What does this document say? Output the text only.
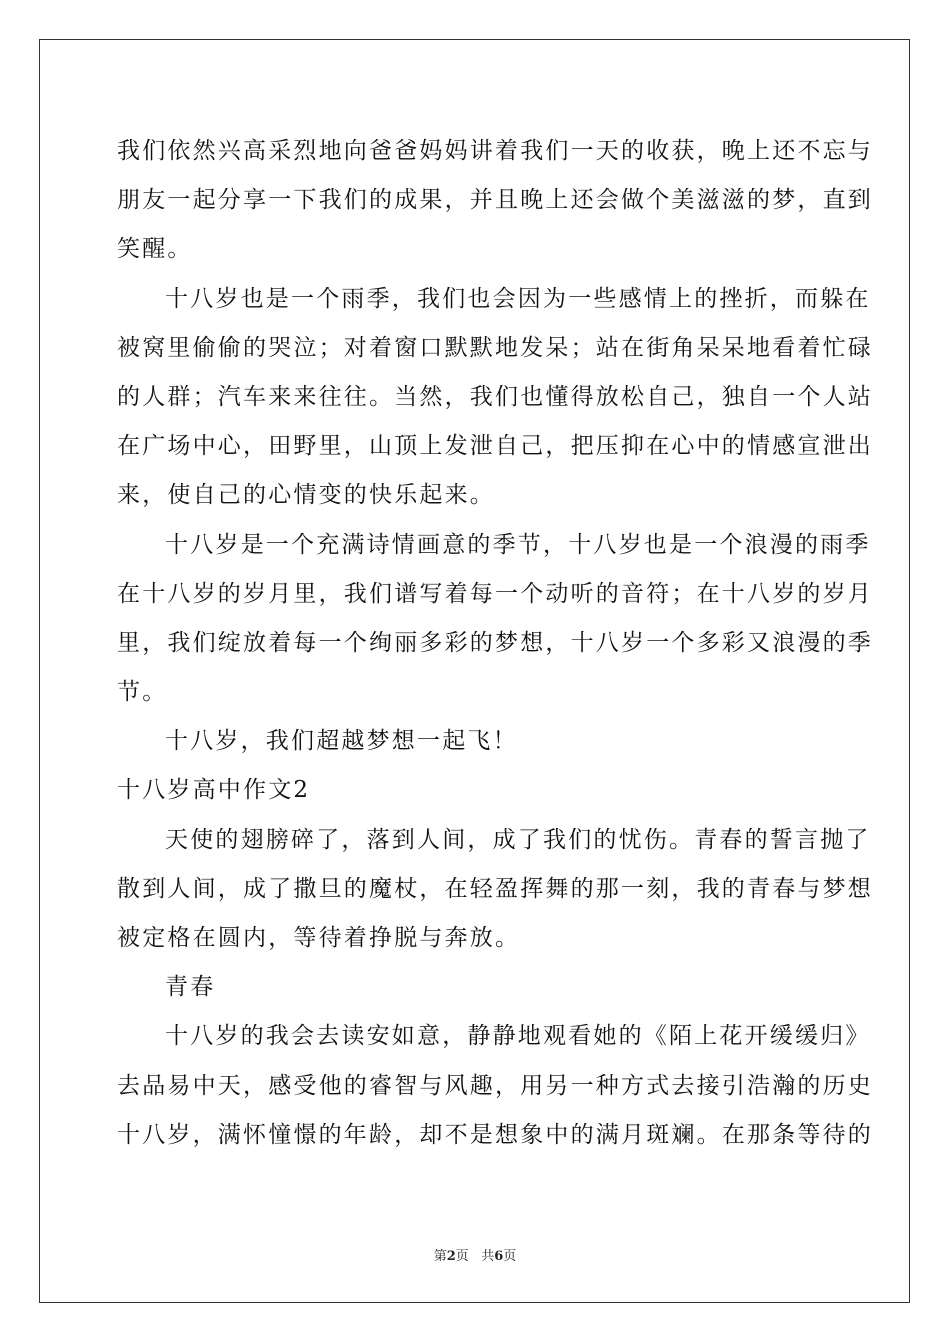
我们依然兴高采烈地向爸爸妈妈讲着我们一天的收获，晚上还不忘与
朋友一起分享一下我们的成果，并且晚上还会做个美滋滋的梦，直到
笑醒。
十八岁也是一个雨季，我们也会因为一些感情上的挫折，而躲在
被窝里偷偷的哭泣；对着窗口默默地发呆；站在街角呆呆地看着忙碌
的人群；汽车来来往往。当然，我们也懂得放松自己，独自一个人站
在广场中心，田野里，山顶上发泄自己，把压抑在心中的情感宣泄出
来，使自己的心情变的快乐起来。
十八岁是一个充满诗情画意的季节，十八岁也是一个浪漫的雨季
在十八岁的岁月里，我们谱写着每一个动听的音符；在十八岁的岁月
里，我们绽放着每一个绚丽多彩的梦想，十八岁一个多彩又浪漫的季
节。
十八岁，我们超越梦想一起飞！
十八岁高中作文2
天使的翅膀碎了，落到人间，成了我们的忧伤。青春的誓言抛了
散到人间，成了撒旦的魔杖，在轻盈挥舞的那一刻，我的青春与梦想
被定格在圆内，等待着挣脱与奔放。
青春
十八岁的我会去读安如意，静静地观看她的《陌上花开缓缓归》
去品易中天，感受他的睿智与风趣，用另一种方式去接引浩瀚的历史
十八岁，满怀憧憬的年龄，却不是想象中的满月斑斓。在那条等待的
第2页 共6页
